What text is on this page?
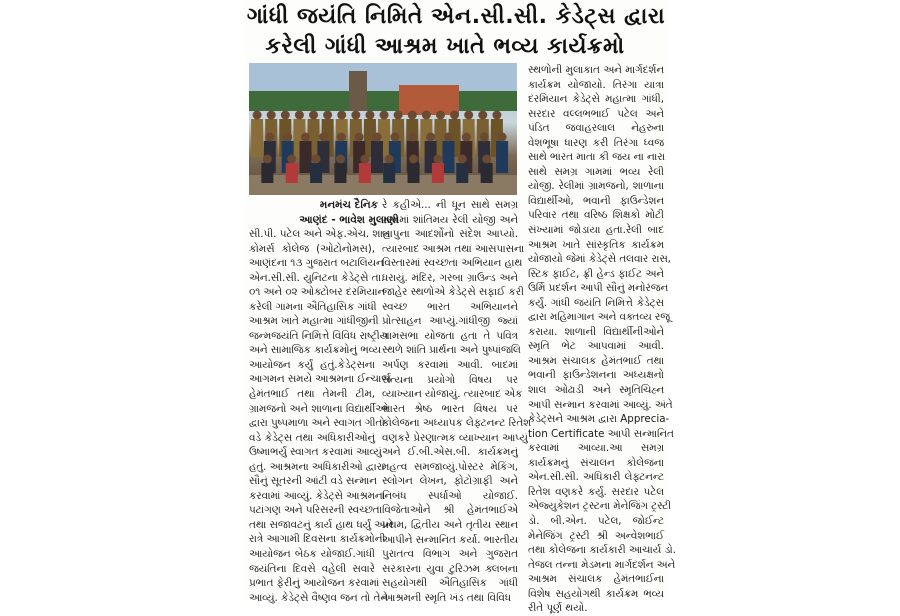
ગાંધી જયંતિ નિમિતે એન.સી.સી. કેડેટ્સ દ્વારા
કરેલી ગાંધી આશ્રમ ખાતે ભવ્ય કાર્યક્રમો
મનમંચ દૈનિક
આણંદ - ભાવેશ મુલાણી
સી.પી. પટેલ અને એફ.એચ. શાહ
કોમર્સ કોલેજ (ઓટોનોમસ),
આણંદના ૧૩ ગુજરાત બટાલિયન
એન.સી.સી. યુનિટના કેડેટ્સે તા.
૦૧ અને ૦૨ ઓક્ટોબર દરમિયાન
કરેલી ગામના ઐતિહાસિક ગાંધી
આશ્રમ ખાતે મહાત્મા ગાંધીજીની
જન્મજયંતિ નિમિત્તે વિવિધ રાષ્ટ્રીય
અને સામાજિક કાર્યક્રમોનું ભવ્ય
આયોજન કર્યું હતું.કેડેટ્સના
આગમન સમયે આશ્રમના ઈન્ચાર્જ
હેમંતભાઈ તથા તેમની ટીમ,
ગ્રામજનો અને શાળાના વિદ્યાર્થીઓ
દ્વારા પુષ્પમાળા અને સ્વાગત ગીતો
વડે કેડેટ્સ તથા અધિકારીઓનું
ઉષ્માભર્યું સ્વાગત કરવામાં આવ્યું
હતું. આશ્રમના અધિકારીઓ દ્વારા
સૌનું સૂતરની આંટી વડે સન્માન
કરવામાં આવ્યું. કેડેટ્સે આશ્રમના
પટાંગણ અને પરિસરની સ્વચ્છતા
તથા સજાવટનું કાર્ય હાથ ધર્યું અને
રાત્રે આગામી દિવસના કાર્યક્રમોની
આયોજન બેઠક યોજાઈ.ગાંધી
જયંતિના દિવસે વહેલી સવારે
પ્રભાત ફેરીનું આયોજન કરવામાં
આવ્યું. કેડેટ્સે વૈષ્ણવ જન તો તેને
રે કહીએ... ની ધૂન સાથે સમગ્ર
ગામમાં શાંતિમય રેલી યોજી અને
બાપુના આદર્શોનો સંદેશ આપ્યો.
ત્યારબાદ આશ્રમ તથા આસપાસના
વિસ્તારમાં સ્વચ્છતા અભિયાન હાથ
ધરાયું. મંદિર, ગરબા ગ્રાઉન્ડ અને
જાહેર સ્થળોએ કેડેટ્સે સફાઈ કરી
સ્વચ્છ ભારત અભિયાનને
પ્રોત્સાહન આપ્યું.ગાંધીજી જ્યાં
ગામસભા યોજતા હતા તે પવિત્ર
સ્થળે શાંતિ પ્રાર્થના અને પુષ્પાંજલિ
અર્પણ કરવામાં આવી. બાદમાં
સત્યના પ્રયોગો વિષય પર
વ્યાખ્યાન યોજાયું. ત્યારબાદ એક
ભારત શ્રેષ્ઠ ભારત વિષય પર
કોલેજના અધ્યાપક લેફ્ટનન્ટ રિતેશ
વણકરે પ્રેરણાત્મક વ્યાખ્યાન આપ્યું
અને ઈ.બી.એસ.બી. કાર્યક્રમનું
મહત્વ સમજાવ્યું.પોસ્ટર મેકિંગ,
સ્લોગન લેખન, ફોટોગ્રાફી અને
નિબંધ સ્પર્ધાઓ યોજાઈ.
વિજેતાઓને શ્રી હેમંતભાઈએ
પ્રથમ, દ્વિતીય અને તૃતીય સ્થાન
આપીને સન્માનિત કર્યા. ભારતીય
પુરાતત્વ વિભાગ અને ગુજરાત
સરકારના યુવા ટુરિઝમ ક્લબના
સહયોગથી ઐતિહાસિક ગાંધી
આશ્રમની સ્મૃતિ ખંડ તથા વિવિધ
સ્થળોની મુલાકાત અને માર્ગદર્શન
કાર્યક્રમ યોજાયો. તિરંગા યાત્રા
દરમિયાન કેડેટ્સે મહાત્મા ગાંધી,
સરદાર વલ્લભભાઈ પટેલ અને
પંડિત જવાહરલાલ નેહરુના
વેશભૂષા ધારણ કરી તિરંગા ધ્વજ
સાથે ભારત માતા કી જય ના નારા
સાથે સમગ્ર ગામમાં ભવ્ય રેલી
યોજી. રેલીમાં ગ્રામજનો, શાળાના
વિદ્યાર્થીઓ, ભવાની ફાઉન્ડેશન
પરિવાર તથા વરિષ્ઠ શિક્ષકો મોટી
સંખ્યામાં જોડાયા હતા.રેલી બાદ
આશ્રમ ખાતે સાંસ્કૃતિક કાર્યક્રમ
યોજાયો જેમાં કેડેટ્સે તલવાર રાસ,
સ્ટિક ફાઈટ, ફ્રી હેન્ડ ફાઈટ અને
ઉર્મિ પ્રદર્શન આપી સૌનું મનોરંજન
કર્યું. ગાંધી જયંતિ નિમિત્તે કેડેટ્સ
દ્વારા મહિમાગાન અને વક્તવ્ય રજૂ
કરાયા. શાળાની વિદ્યાર્થીનીઓને
સ્મૃતિ ભેટ આપવામાં આવી.
આશ્રમ સંચાલક હેમંતભાઈ તથા
ભવાની ફાઉન્ડેશનના અધ્યક્ષનો
શાલ ઓઢાડી અને સ્મૃતિચિહ્ન
આપી સન્માન કરવામાં આવ્યું. અંતે
કેડેટ્સને આશ્રમ દ્વારા Apprecia-
tion Certificate આપી સન્માનિત
કરવામાં આવ્યા.આ સમગ્ર
કાર્યક્રમનું સંચાલન કોલેજના
એન.સી.સી. અધિકારી લેફ્ટનન્ટ
રિતેશ વણકરે કર્યું. સરદાર પટેલ
એજ્યુકેશન ટ્રસ્ટના મેનેજિંગ ટ્રસ્ટી
ડો. બી.એન. પટેલ, જોઈન્ટ
મેનેજિંગ ટ્રસ્ટી શ્રી અન્વેશભાઈ
તથા કોલેજના કાર્યકારી આચાર્ય ડો.
તેજલ તન્ના મેડમના માર્ગદર્શન અને
આશ્રમ સંચાલક હેમંતભાઈના
વિશેષ સહયોગથી કાર્યક્રમ ભવ્ય
રીતે પૂર્ણ થયો.
